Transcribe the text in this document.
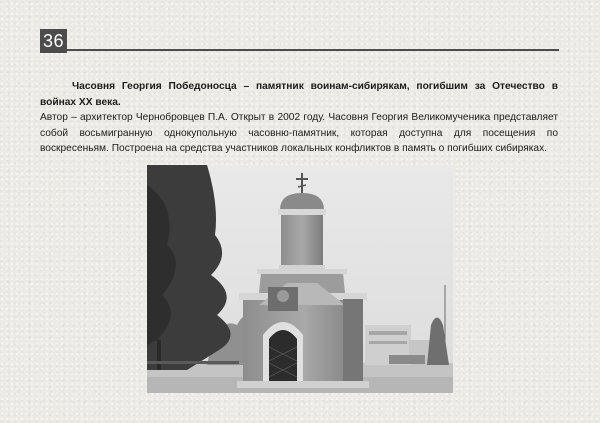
36
Часовня Георгия Победоносца – памятник воинам-сибирякам, погибшим за Отечество в войнах XX века.
Автор – архитектор Чернобровцев П.А. Открыт в 2002 году. Часовня Георгия Великомученика представляет собой восьмигранную однокупольную часовню-памятник, которая доступна для посещения по воскресеньям. Построена на средства участников локальных конфликтов в память о погибших сибиряках.
